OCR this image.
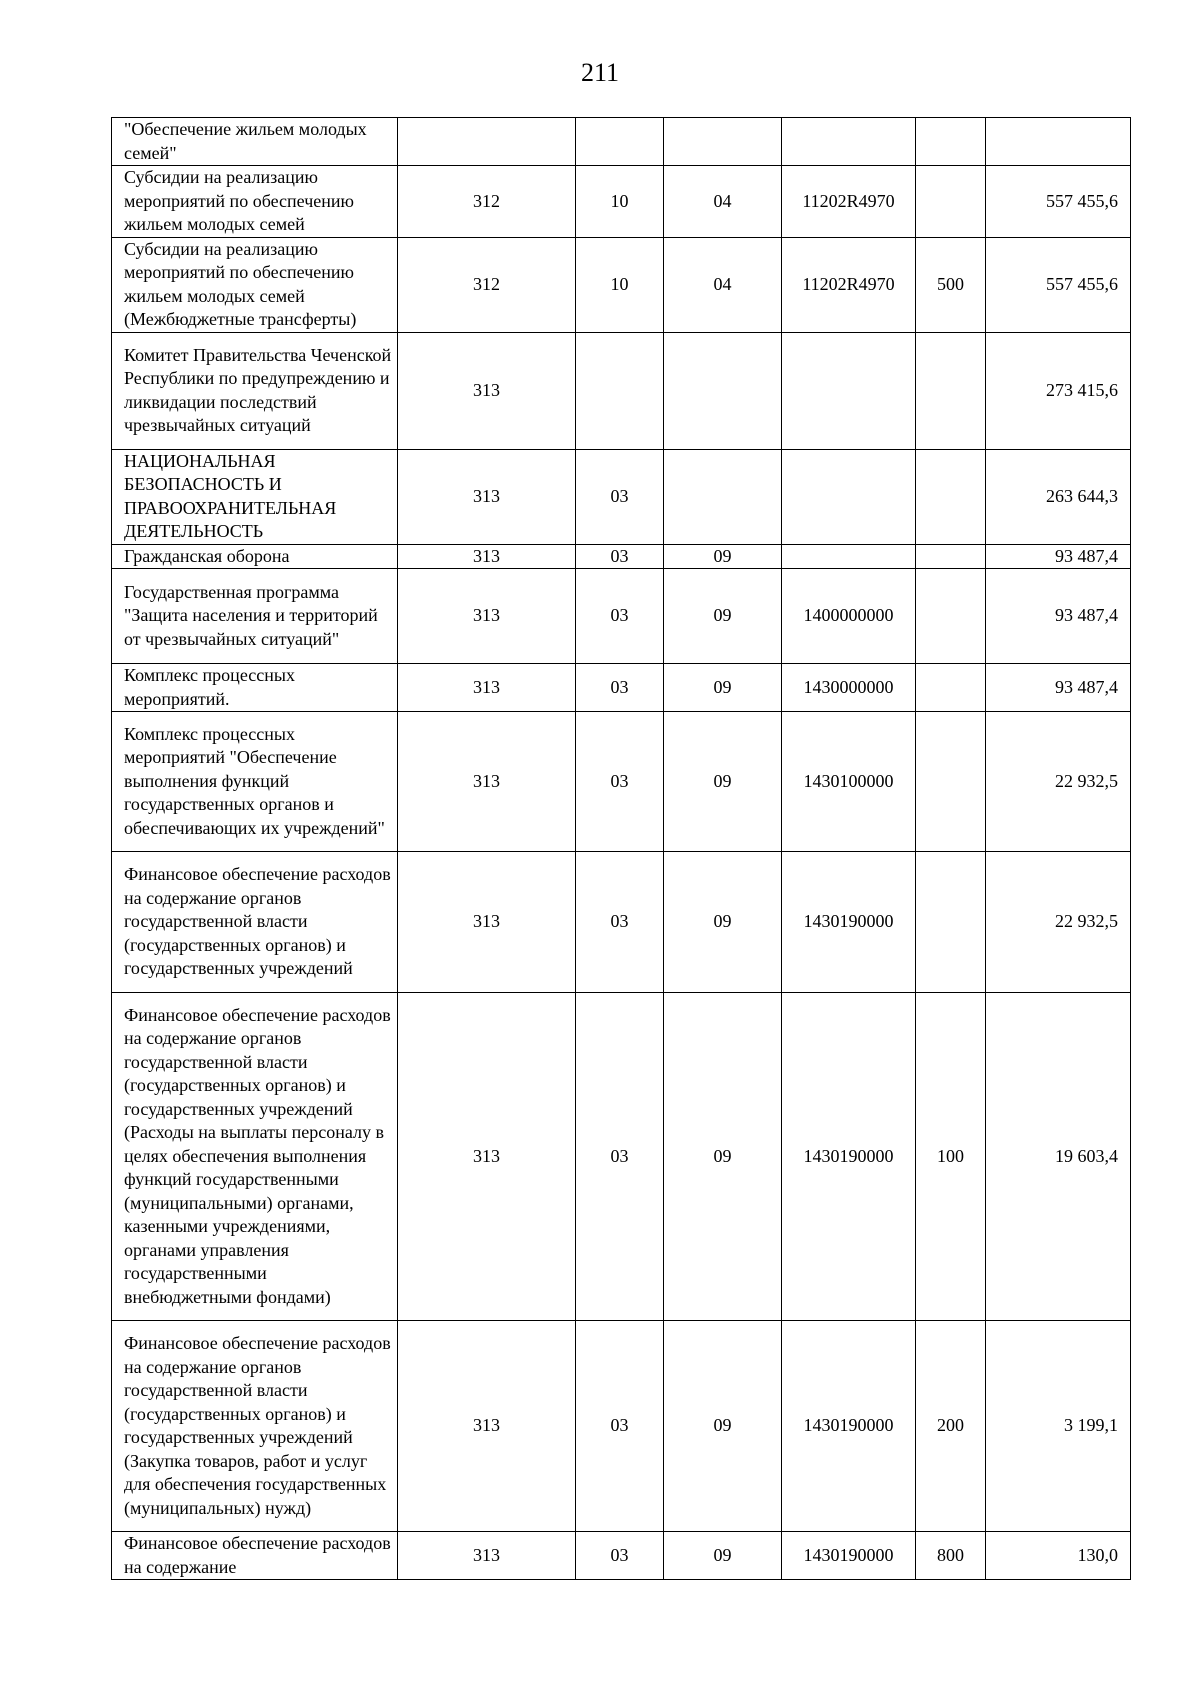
211
"Обеспечение жильем молодых семей"						
Субсидии на реализацию мероприятий по обеспечению жильем молодых семей	312	10	04	11202R4970		557 455,6
Субсидии на реализацию мероприятий по обеспечению жильем молодых семей (Межбюджетные трансферты)	312	10	04	11202R4970	500	557 455,6
Комитет Правительства Чеченской Республики по предупреждению и ликвидации последствий чрезвычайных ситуаций	313					273 415,6
НАЦИОНАЛЬНАЯ БЕЗОПАСНОСТЬ И ПРАВООХРАНИТЕЛЬНАЯ ДЕЯТЕЛЬНОСТЬ	313	03				263 644,3
Гражданская оборона	313	03	09			93 487,4
Государственная программа "Защита населения и территорий от чрезвычайных ситуаций"	313	03	09	1400000000		93 487,4
Комплекс процессных мероприятий.	313	03	09	1430000000		93 487,4
Комплекс процессных мероприятий "Обеспечение выполнения функций государственных органов и обеспечивающих их учреждений"	313	03	09	1430100000		22 932,5
Финансовое обеспечение расходов на содержание органов государственной власти (государственных органов) и государственных учреждений	313	03	09	1430190000		22 932,5
Финансовое обеспечение расходов на содержание органов государственной власти (государственных органов) и государственных учреждений (Расходы на выплаты персоналу в целях обеспечения выполнения функций государственными (муниципальными) органами, казенными учреждениями, органами управления государственными внебюджетными фондами)	313	03	09	1430190000	100	19 603,4
Финансовое обеспечение расходов на содержание органов государственной власти (государственных органов) и государственных учреждений (Закупка товаров, работ и услуг для обеспечения государственных (муниципальных) нужд)	313	03	09	1430190000	200	3 199,1
Финансовое обеспечение расходов на содержание	313	03	09	1430190000	800	130,0
